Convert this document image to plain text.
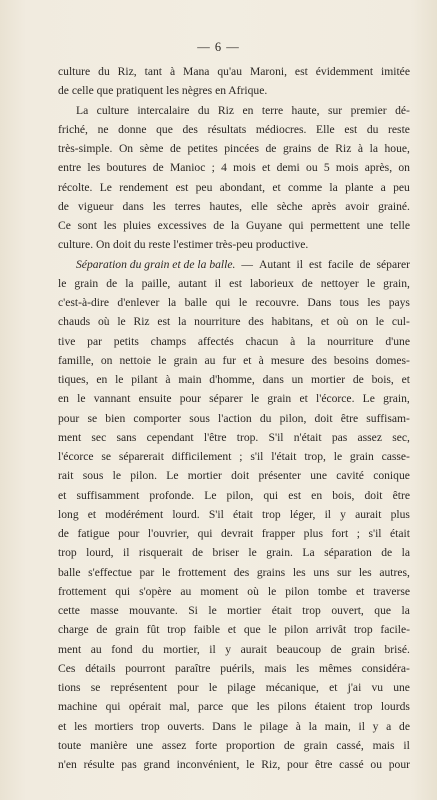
— 6 —
culture du Riz, tant à Mana qu'au Maroni, est évidemment imitée
de celle que pratiquent les nègres en Afrique.
La culture intercalaire du Riz en terre haute, sur premier dé-
friché, ne donne que des résultats médiocres. Elle est du reste
très-simple. On sème de petites pincées de grains de Riz à la houe,
entre les boutures de Manioc ; 4 mois et demi ou 5 mois après, on
récolte. Le rendement est peu abondant, et comme la plante a peu
de vigueur dans les terres hautes, elle sèche après avoir grainé.
Ce sont les pluies excessives de la Guyane qui permettent une telle
culture. On doit du reste l'estimer très-peu productive.
Séparation du grain et de la balle. — Autant il est facile de séparer
le grain de la paille, autant il est laborieux de nettoyer le grain,
c'est-à-dire d'enlever la balle qui le recouvre. Dans tous les pays
chauds où le Riz est la nourriture des habitans, et où on le cul-
tive par petits champs affectés chacun à la nourriture d'une
famille, on nettoie le grain au fur et à mesure des besoins domes-
tiques, en le pilant à main d'homme, dans un mortier de bois, et
en le vannant ensuite pour séparer le grain et l'écorce. Le grain,
pour se bien comporter sous l'action du pilon, doit être suffisam-
ment sec sans cependant l'être trop. S'il n'était pas assez sec,
l'écorce se séparerait difficilement ; s'il l'était trop, le grain casse-
rait sous le pilon. Le mortier doit présenter une cavité conique
et suffisamment profonde. Le pilon, qui est en bois, doit être
long et modérément lourd. S'il était trop léger, il y aurait plus
de fatigue pour l'ouvrier, qui devrait frapper plus fort ; s'il était
trop lourd, il risquerait de briser le grain. La séparation de la
balle s'effectue par le frottement des grains les uns sur les autres,
frottement qui s'opère au moment où le pilon tombe et traverse
cette masse mouvante. Si le mortier était trop ouvert, que la
charge de grain fût trop faible et que le pilon arrivât trop facile-
ment au fond du mortier, il y aurait beaucoup de grain brisé.
Ces détails pourront paraître puérils, mais les mêmes considéra-
tions se représentent pour le pilage mécanique, et j'ai vu une
machine qui opérait mal, parce que les pilons étaient trop lourds
et les mortiers trop ouverts. Dans le pilage à la main, il y a de
toute manière une assez forte proportion de grain cassé, mais il
n'en résulte pas grand inconvénient, le Riz, pour être cassé ou pour
